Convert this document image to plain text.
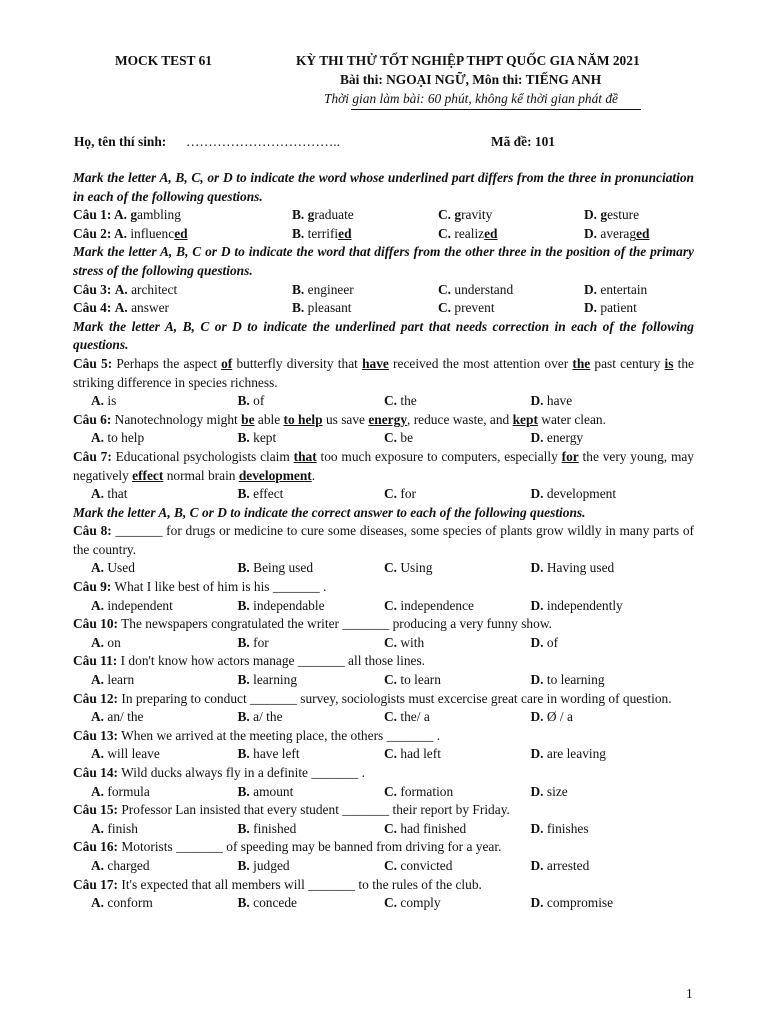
MOCK TEST 61	KỲ THI THỬ TỐT NGHIỆP THPT QUỐC GIA NĂM 2021
Bài thi: NGOẠI NGỮ, Môn thi: TIẾNG ANH
Thời gian làm bài: 60 phút, không kể thời gian phát đề
Họ, tên thí sinh: ……………………………..	Mã đề: 101
Mark the letter A, B, C, or D to indicate the word whose underlined part differs from the three in pronunciation in each of the following questions.
Câu 1: A. gambling	B. graduate	C. gravity	D. gesture
Câu 2: A. influenced	B. terrified	C. realized	D. averaged
Mark the letter A, B, C or D to indicate the word that differs from the other three in the position of the primary stress of the following questions.
Câu 3: A. architect	B. engineer	C. understand	D. entertain
Câu 4: A. answer	B. pleasant	C. prevent	D. patient
Mark the letter A, B, C or D to indicate the underlined part that needs correction in each of the following questions.
Câu 5: Perhaps the aspect of butterfly diversity that have received the most attention over the past century is the striking difference in species richness.
A. is	B. of	C. the	D. have
Câu 6: Nanotechnology might be able to help us save energy, reduce waste, and kept water clean.
A. to help	B. kept	C. be	D. energy
Câu 7: Educational psychologists claim that too much exposure to computers, especially for the very young, may negatively effect normal brain development.
A. that	B. effect	C. for	D. development
Mark the letter A, B, C or D to indicate the correct answer to each of the following questions.
Câu 8: _______ for drugs or medicine to cure some diseases, some species of plants grow wildly in many parts of the country.
A. Used	B. Being used	C. Using	D. Having used
Câu 9: What I like best of him is his _______ .
A. independent	B. independable	C. independence	D. independently
Câu 10: The newspapers congratulated the writer _______ producing a very funny show.
A. on	B. for	C. with	D. of
Câu 11: I don't know how actors manage _______ all those lines.
A. learn	B. learning	C. to learn	D. to learning
Câu 12: In preparing to conduct _______ survey, sociologists must excercise great care in wording of question.
A. an/ the	B. a/ the	C. the/ a	D. Ø / a
Câu 13: When we arrived at the meeting place, the others _______ .
A. will leave	B. have left	C. had left	D. are leaving
Câu 14: Wild ducks always fly in a definite _______ .
A. formula	B. amount	C. formation	D. size
Câu 15: Professor Lan insisted that every student _______ their report by Friday.
A. finish	B. finished	C. had finished	D. finishes
Câu 16: Motorists _______ of speeding may be banned from driving for a year.
A. charged	B. judged	C. convicted	D. arrested
Câu 17: It's expected that all members will _______ to the rules of the club.
A. conform	B. concede	C. comply	D. compromise
1
